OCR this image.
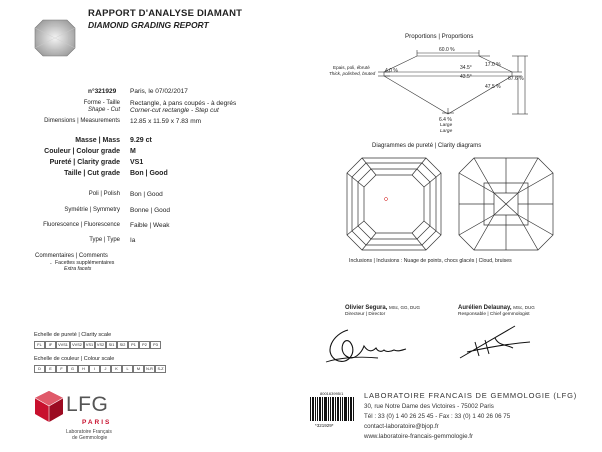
RAPPORT D'ANALYSE DIAMANT
DIAMOND GRADING REPORT
n°321929 Paris, le 07/02/2017
Forme - Taille
Shape - Cut
Rectangle, à pans coupés - à degrés
Corner-cut rectangle - Step cut
Dimensions | Measurements 12.85 x 11.59 x 7.83 mm
Masse | Mass 9.29 ct
Couleur | Colour grade M
Pureté | Clarity grade VS1
Taille | Cut grade Bon | Good
Poli | Polish Bon | Good
Symétrie | Symmetry Bonne | Good
Fluorescence | Fluorescence Faible | Weak
Type | Type Ia
Commentaires | Comments
Facettes supplémentaires
Extra facets
-
Proportions | Proportions
60.0 %
34.5°
43.5°
17.0 %
47.5 %
67.6 %
Epais, poli, ébruté
Thick, polished, bruted 4.0 %
6.4 %
Large
Large
Diagrammes de pureté | Clarity diagrams
Inclusions | Inclusions : Nuage de points, chocs glacés | Cloud, bruises
Olivier Segura, MSc, GG, DUG
Directeur | Director
Aurélien Delaunay, MSc, DUG
Responsable | Chief gemmologist
Echelle de pureté | Clarity scale
FL	IF	VVS1	VVS2	VS1	VS2	SI1	SI2	P1	P2	P3
Echelle de couleur | Colour scale
D	E	F	G	H	I	J	K	L	M	N-R	S-Z
LFG
PARIS
Laboratoire Français
de Gemmologie
800163995/1
*321929*
LABORATOIRE FRANCAIS DE GEMMOLOGIE (LFG)
30, rue Notre Dame des Victoires - 75002 Paris
Tél : 33 (0) 1 40 26 25 45 - Fax : 33 (0) 1 40 26 06 75
contact-laboratoire@bjop.fr
www.laboratoire-francais-gemmologie.fr
